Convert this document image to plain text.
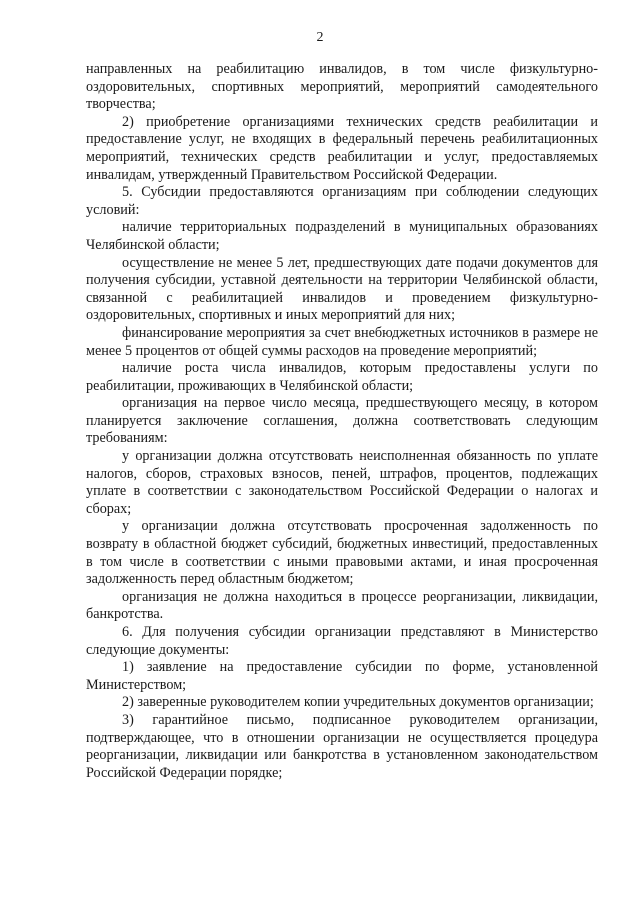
2

направленных на реабилитацию инвалидов, в том числе физкультурно-оздоровительных, спортивных мероприятий, мероприятий самодеятельного творчества;

2) приобретение организациями технических средств реабилитации и предоставление услуг, не входящих в федеральный перечень реабилитационных мероприятий, технических средств реабилитации и услуг, предоставляемых инвалидам, утвержденный Правительством Российской Федерации.

5. Субсидии предоставляются организациям при соблюдении следующих условий:

наличие территориальных подразделений в муниципальных образованиях Челябинской области;

осуществление не менее 5 лет, предшествующих дате подачи документов для получения субсидии, уставной деятельности на территории Челябинской области, связанной с реабилитацией инвалидов и проведением физкультурно-оздоровительных, спортивных и иных мероприятий для них;

финансирование мероприятия за счет внебюджетных источников в размере не менее 5 процентов от общей суммы расходов на проведение мероприятий;

наличие роста числа инвалидов, которым предоставлены услуги по реабилитации, проживающих в Челябинской области;

организация на первое число месяца, предшествующего месяцу, в котором планируется заключение соглашения, должна соответствовать следующим требованиям:

у организации должна отсутствовать неисполненная обязанность по уплате налогов, сборов, страховых взносов, пеней, штрафов, процентов, подлежащих уплате в соответствии с законодательством Российской Федерации о налогах и сборах;

у организации должна отсутствовать просроченная задолженность по возврату в областной бюджет субсидий, бюджетных инвестиций, предоставленных в том числе в соответствии с иными правовыми актами, и иная просроченная задолженность перед областным бюджетом;

организация не должна находиться в процессе реорганизации, ликвидации, банкротства.

6. Для получения субсидии организации представляют в Министерство следующие документы:

1) заявление на предоставление субсидии по форме, установленной Министерством;

2) заверенные руководителем копии учредительных документов организации;

3) гарантийное письмо, подписанное руководителем организации, подтверждающее, что в отношении организации не осуществляется процедура реорганизации, ликвидации или банкротства в установленном законодательством Российской Федерации порядке;
